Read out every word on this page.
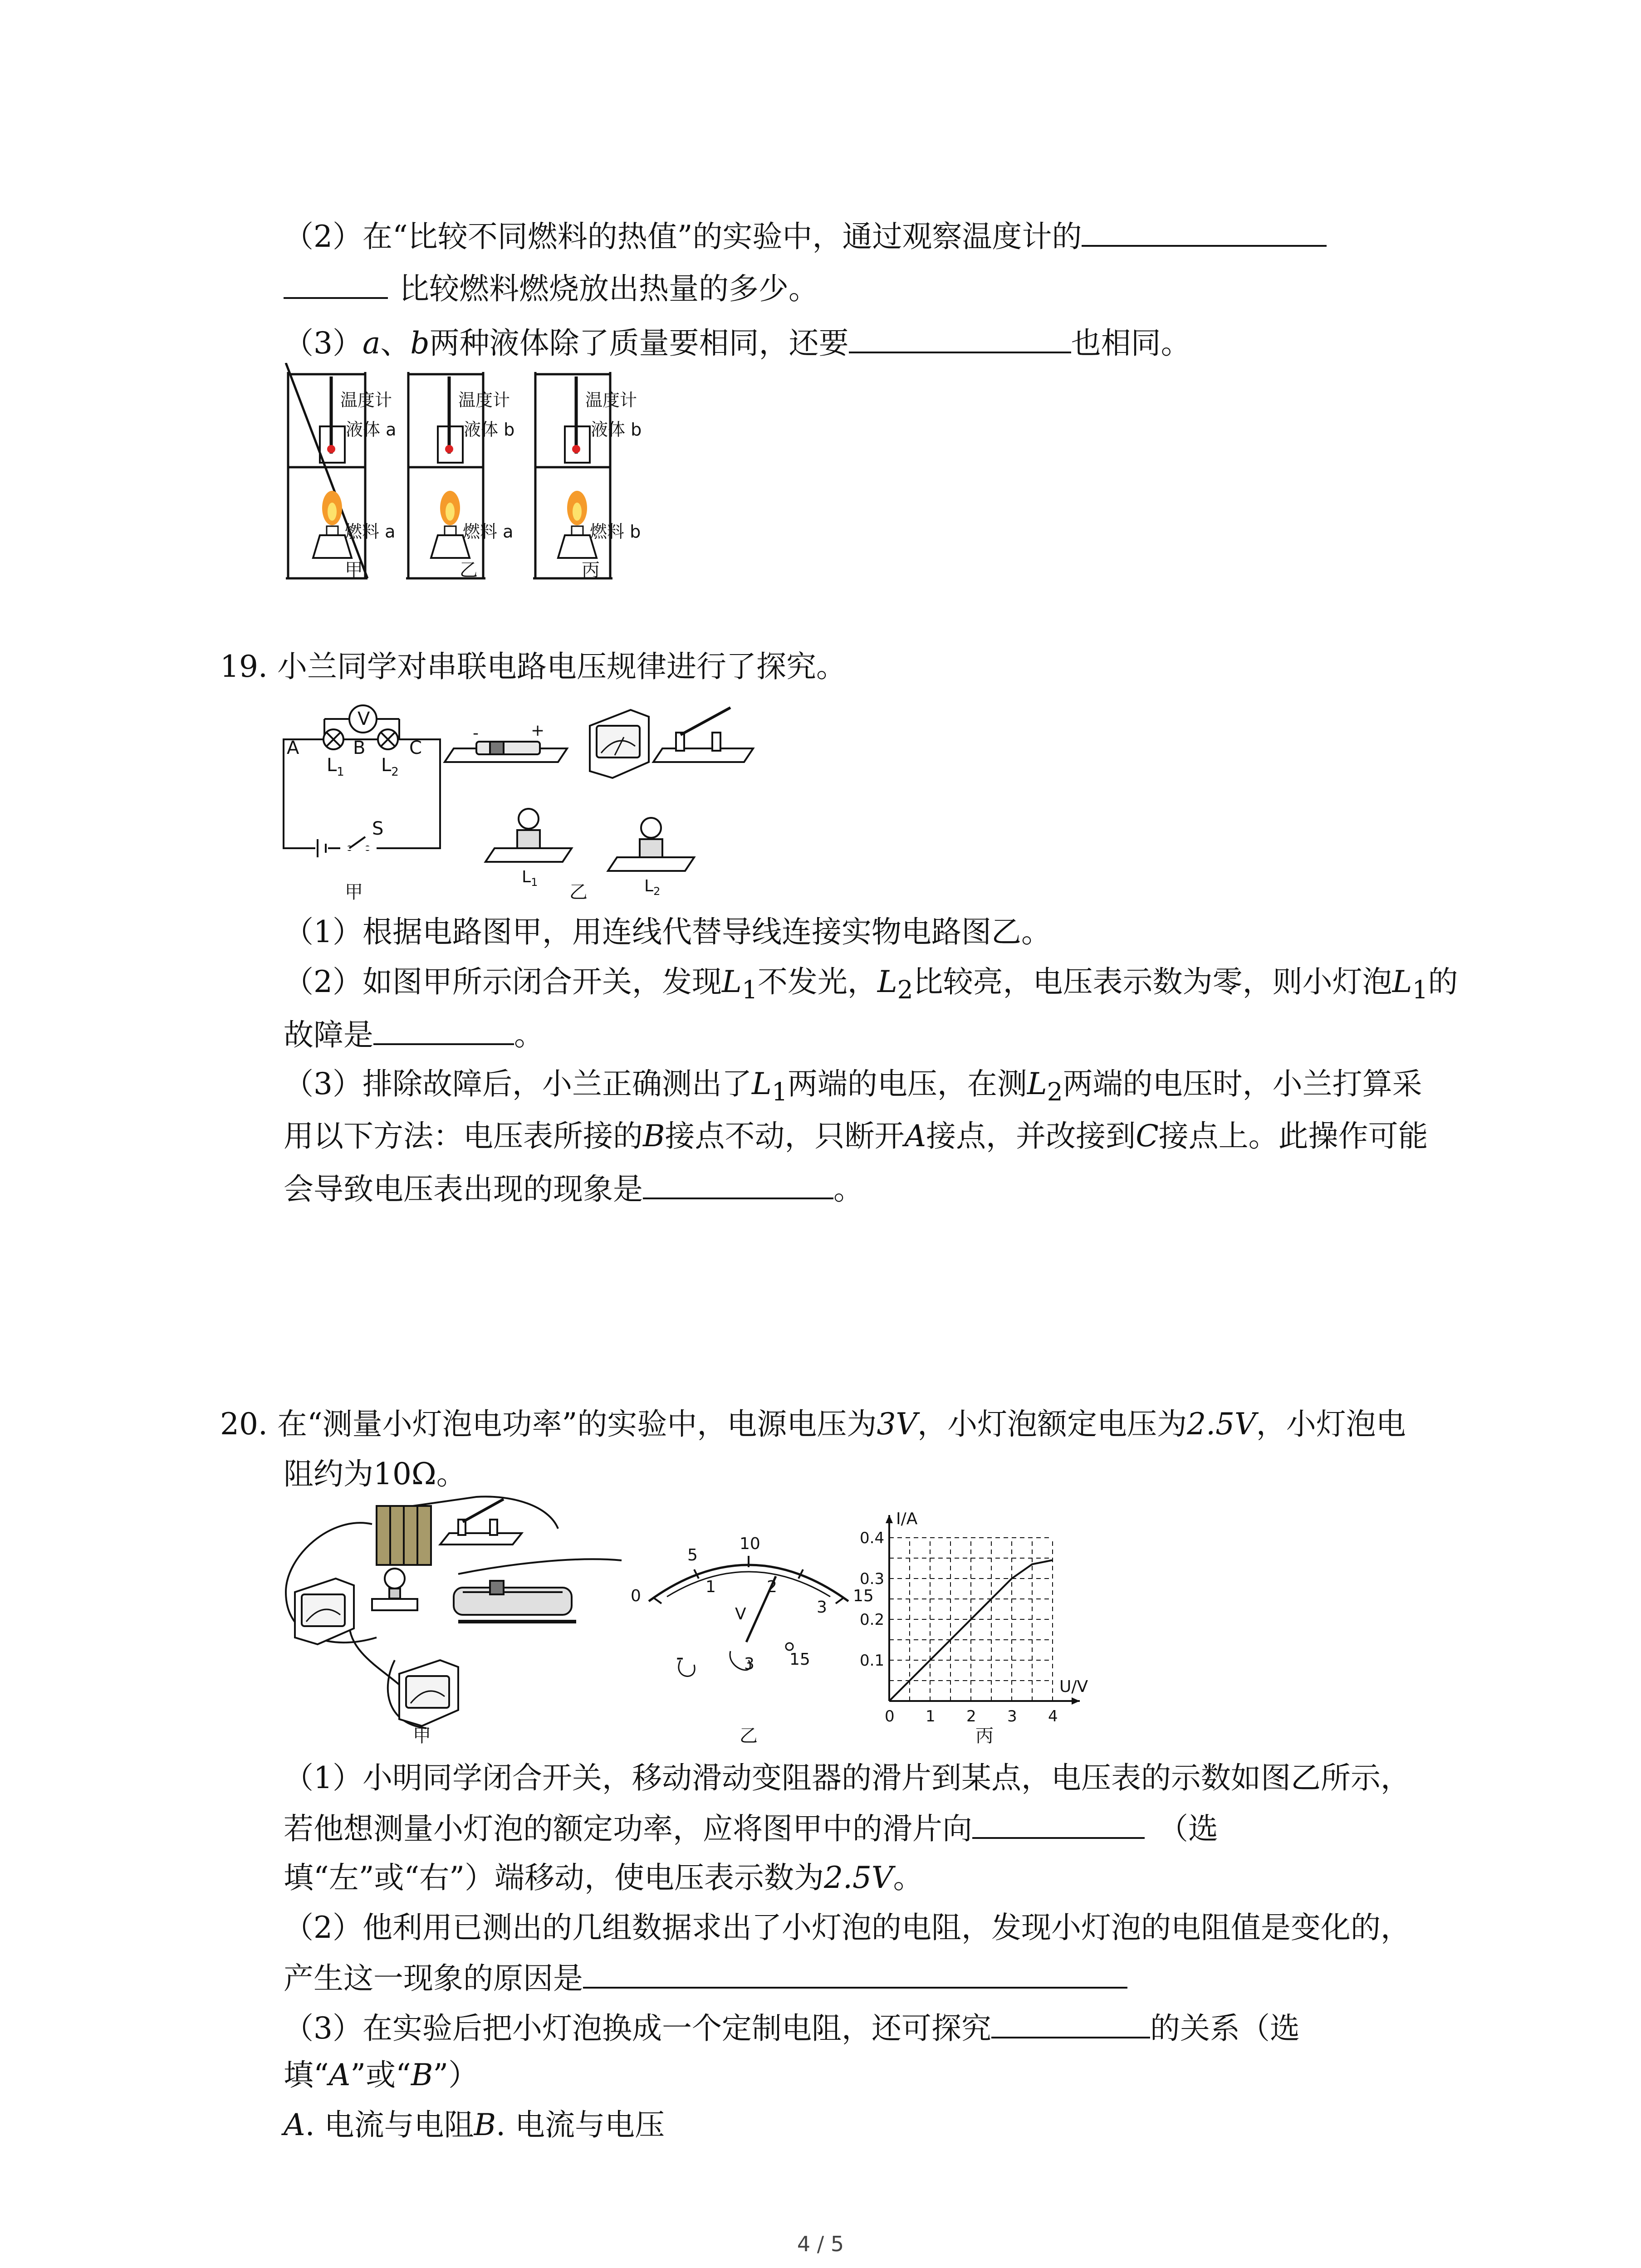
（2）在“比较不同燃料的热值”的实验中，通过观察温度计的
比较燃料燃烧放出热量的多少。
（3）a、b两种液体除了质量要相同，还要	也相同。
温度计
液体 a
燃料 a
温度计
液体 b
燃料 a
温度计
液体 b
燃料 b
甲	乙	丙
19. 小兰同学对串联电路电压规律进行了探究。
V
A	B C
$L_1$ $L_2$
S
甲	乙
-	+
$L_1$	$L_2$
（1）根据电路图甲，用连线代替导线连接实物电路图乙。
（2）如图甲所示闭合开关，发现$L_1$不发光，$L_2$比较亮，电压表示数为零，则小灯泡$L_1$的
故障是	。
（3）排除故障后，小兰正确测出了$L_1$两端的电压，在测$L_2$两端的电压时，小兰打算采
用以下方法：电压表所接的B接点不动，只断开A接点，并改接到C接点上。此操作可能
会导致电压表出现的现象是	。
20. 在“测量小灯泡电功率”的实验中，电源电压为3V，小灯泡额定电压为2.5V，小灯泡电
阻约为10Ω。
甲
0
5
10
15
1	2
3
V
-	3 15
乙
0 1 2 3 4
0.1
0.2
0.3
0.4
U/V
I/A
丙
（1）小明同学闭合开关，移动滑动变阻器的滑片到某点，电压表的示数如图乙所示，
若他想测量小灯泡的额定功率，应将图甲中的滑片向	（选
填“左”或“右”）端移动，使电压表示数为2.5V。
（2）他利用已测出的几组数据求出了小灯泡的电阻，发现小灯泡的电阻值是变化的，
产生这一现象的原因是
（3）在实验后把小灯泡换成一个定制电阻，还可探究	的关系（选
填“A”或“B”）
A. 电流与电阻B. 电流与电压
4 / 5
